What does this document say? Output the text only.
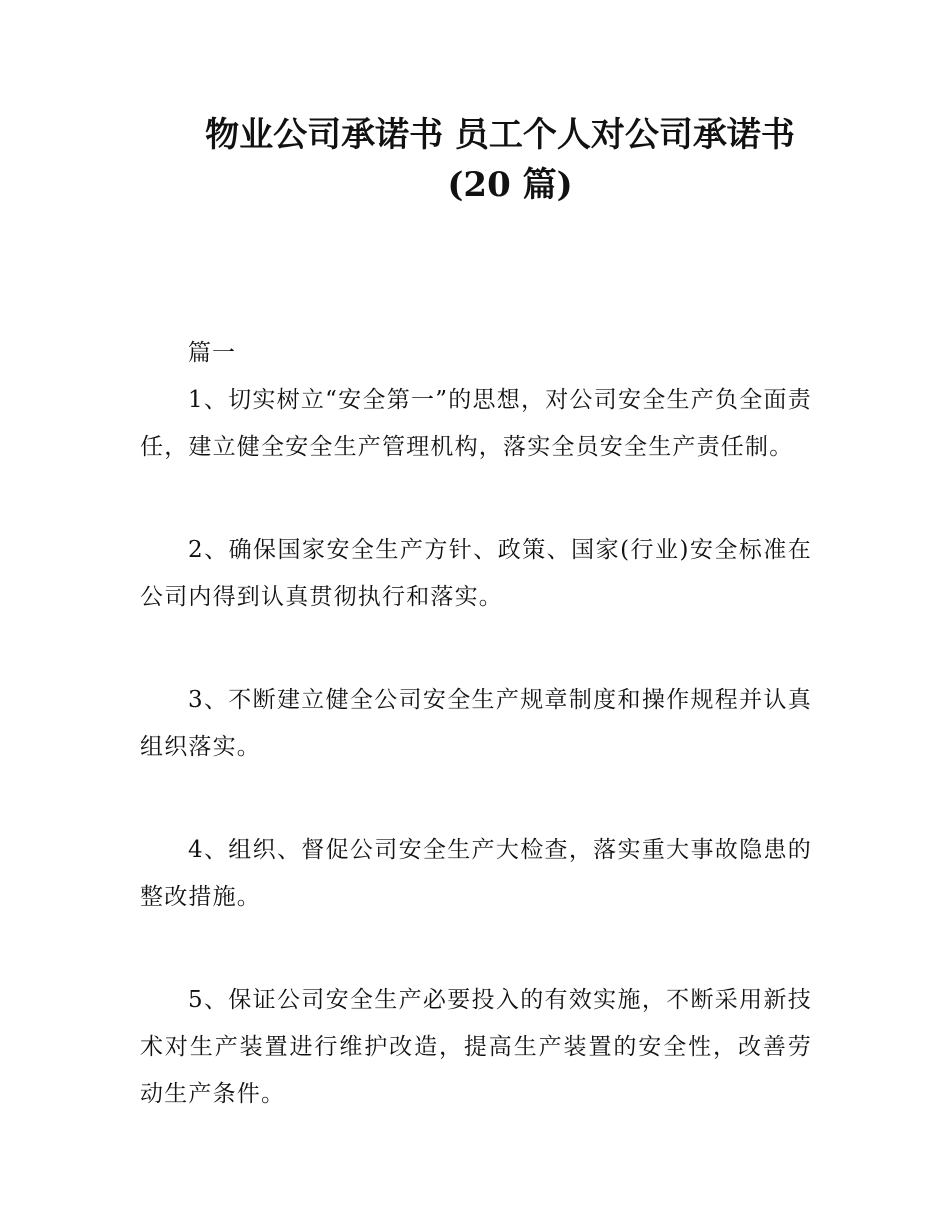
物业公司承诺书 员工个人对公司承诺书
(20 篇)

篇一

1、切实树立“安全第一”的思想，对公司安全生产负全面责任，建立健全安全生产管理机构，落实全员安全生产责任制。

2、确保国家安全生产方针、政策、国家(行业)安全标准在公司内得到认真贯彻执行和落实。

3、不断建立健全公司安全生产规章制度和操作规程并认真组织落实。

4、组织、督促公司安全生产大检查，落实重大事故隐患的整改措施。

5、保证公司安全生产必要投入的有效实施，不断采用新技术对生产装置进行维护改造，提高生产装置的安全性，改善劳动生产条件。
